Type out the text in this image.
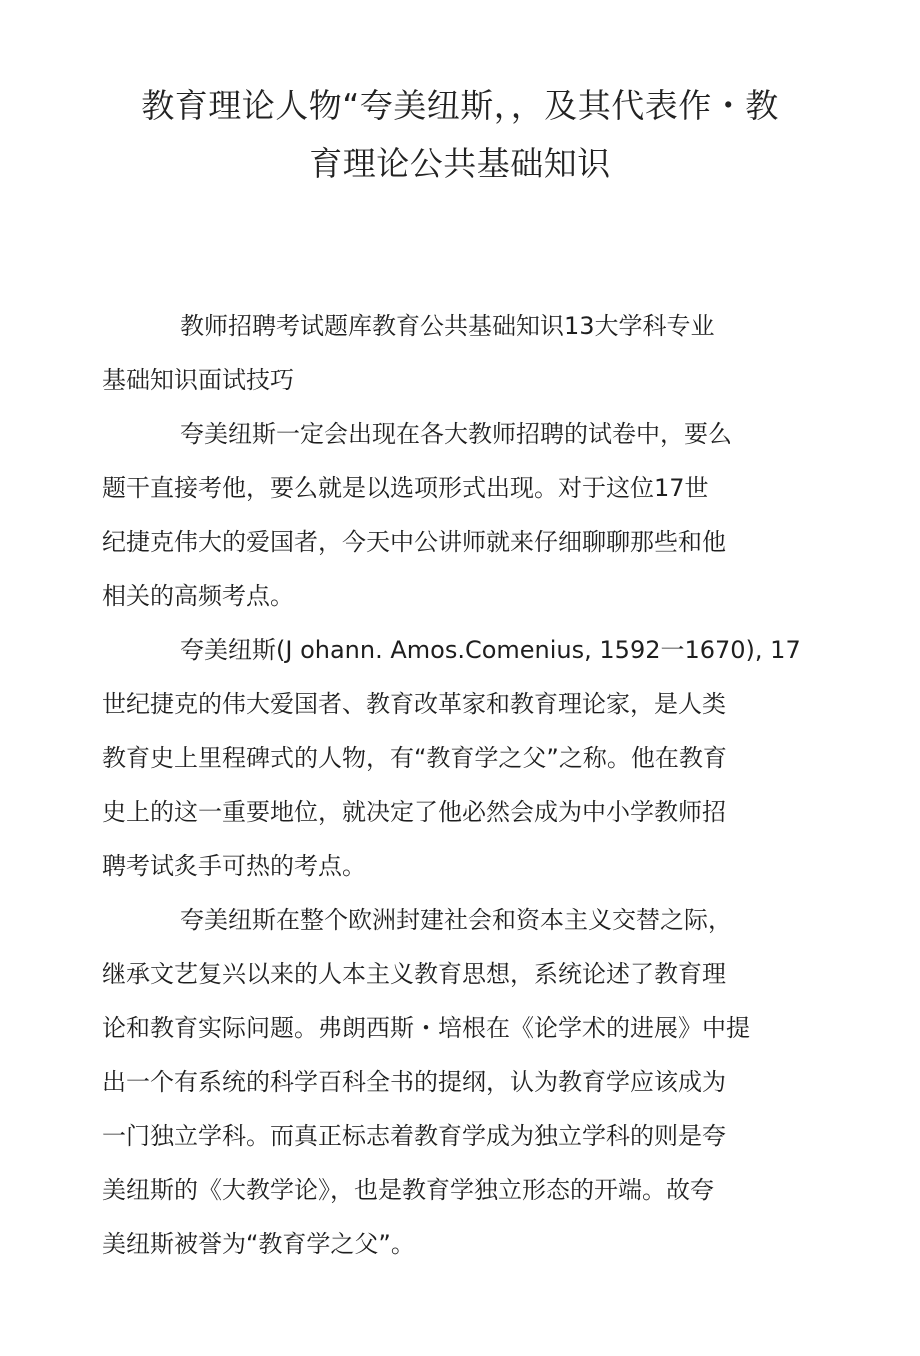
教育理论人物“夸美纽斯，，及其代表作・教
育理论公共基础知识
教师招聘考试题库教育公共基础知识13大学科专业
基础知识面试技巧
夸美纽斯一定会出现在各大教师招聘的试卷中，要么
题干直接考他，要么就是以选项形式出现。对于这位17世
纪捷克伟大的爱国者，今天中公讲师就来仔细聊聊那些和他
相关的高频考点。
夸美纽斯(J ohann. Amos.Comenius, 1592一1670), 17
世纪捷克的伟大爱国者、教育改革家和教育理论家，是人类
教育史上里程碑式的人物，有“教育学之父”之称。他在教育
史上的这一重要地位，就决定了他必然会成为中小学教师招
聘考试炙手可热的考点。
夸美纽斯在整个欧洲封建社会和资本主义交替之际，
继承文艺复兴以来的人本主义教育思想，系统论述了教育理
论和教育实际问题。弗朗西斯・培根在《论学术的进展》中提
出一个有系统的科学百科全书的提纲，认为教育学应该成为
一门独立学科。而真正标志着教育学成为独立学科的则是夸
美纽斯的《大教学论》，也是教育学独立形态的开端。故夸
美纽斯被誉为“教育学之父”。
